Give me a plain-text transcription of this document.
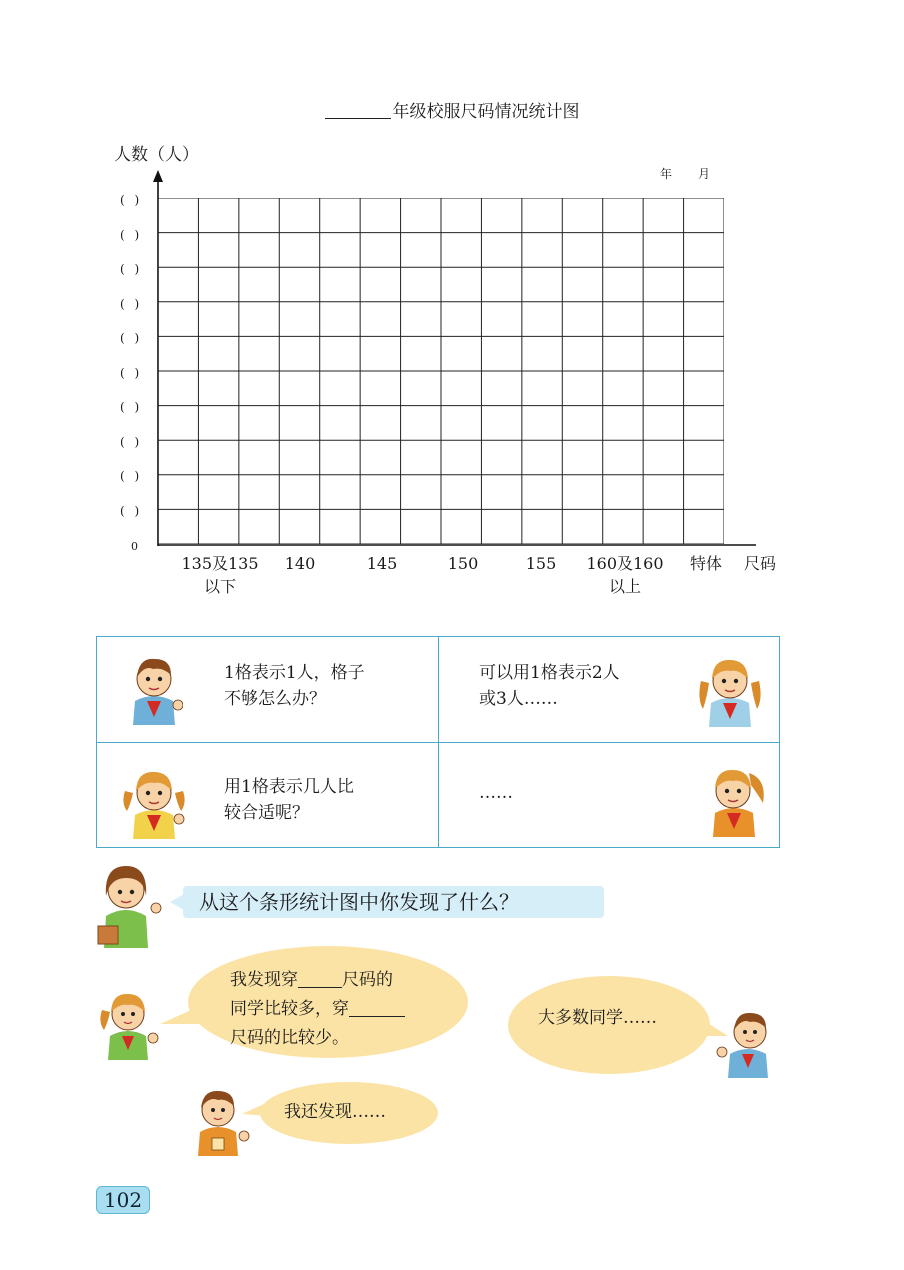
年级校服尺码情况统计图
人数（人）
年 月
( )
( )
( )
( )
( )
( )
( )
( )
( )
( )
0
135及135
以下
140	145	150	155 160及160
以上
特体	尺码
1格表示1人，格子
不够怎么办？
可以用1格表示2人
或3人……
用1格表示几人比
较合适呢？
……
从这个条形统计图中你发现了什么？
我发现穿	尺码的
同学比较多，穿
尺码的比较少。
大多数同学……
我还发现……
102
